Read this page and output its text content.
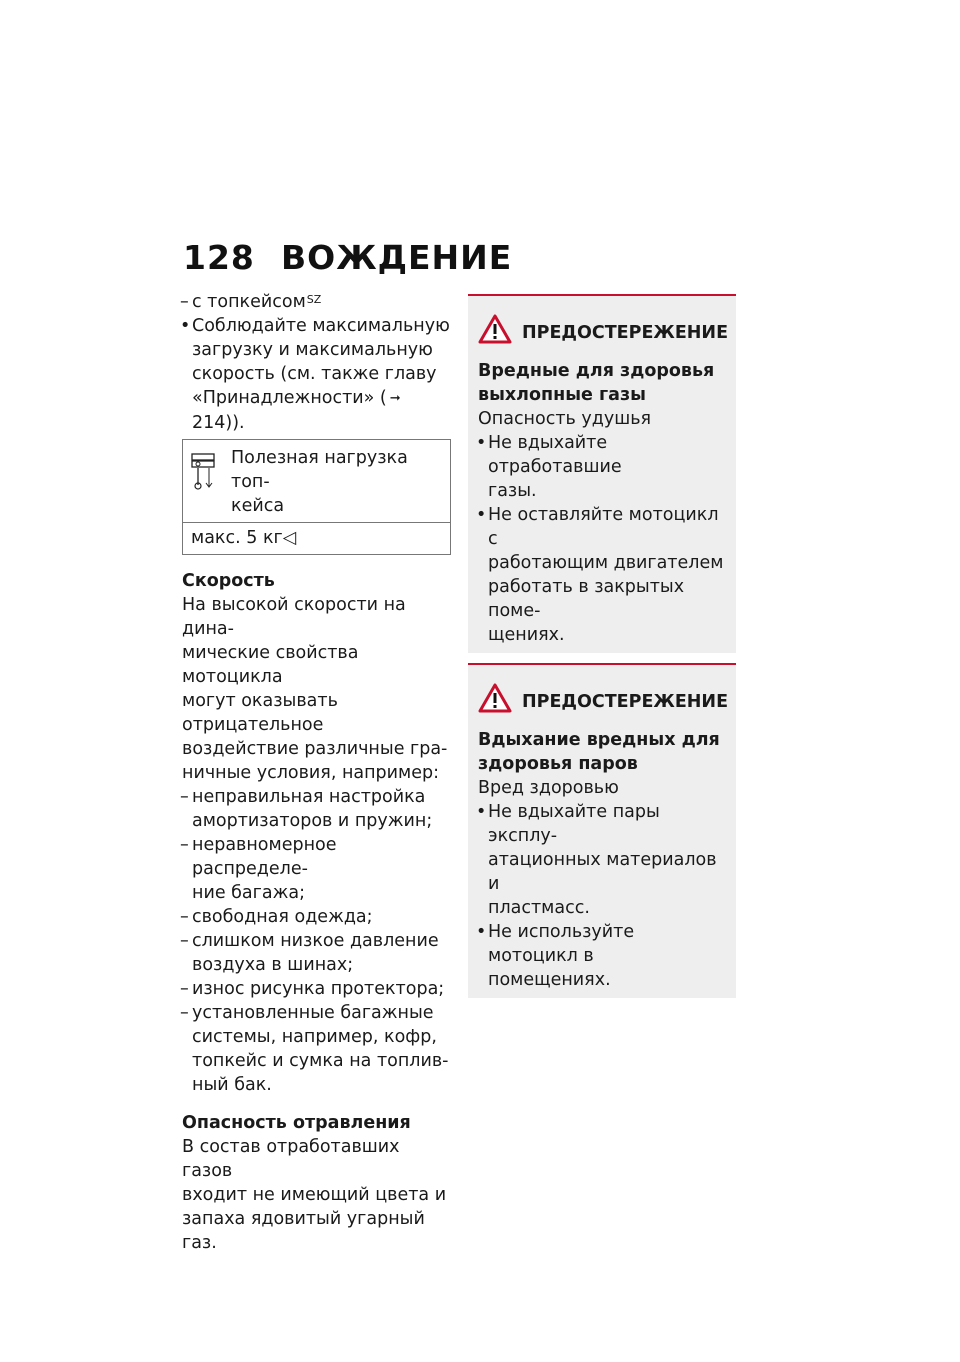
128 ВОЖДЕНИЕ
– с топкейсом$^{SZ}$
• Соблюдайте максимальную
загрузку и максимальную
скорость (см. также главу
«Принадлежности» ( ➞214)).
Полезная нагрузка топ-
кейса
макс. 5 кг◁
Скорость

На высокой скорости на дина-
мические свойства мотоцикла
могут оказывать отрицательное
воздействие различные гра-
ничные условия, например:

– неправильная настройка
амортизаторов и пружин;
– неравномерное распределе-
ние багажа;
– свободная одежда;
– слишком низкое давление
воздуха в шинах;
– износ рисунка протектора;
– установленные багажные
системы, например, кофр,
топкейс и сумка на топлив-
ный бак.
Опасность отравления

В состав отработавших газов
входит не имеющий цвета и
запаха ядовитый угарный газ.

ПРЕДОСТЕРЕЖЕНИЕ
Вредные для здоровья
выхлопные газы
Опасность удушья
• Не вдыхайте отработавшие
газы.
• Не оставляйте мотоцикл с
работающим двигателем
работать в закрытых поме-
щениях.
ПРЕДОСТЕРЕЖЕНИЕ
Вдыхание вредных для
здоровья паров
Вред здоровью
• Не вдыхайте пары эксплу-
атационных материалов и
пластмасс.
• Не используйте мотоцикл в
помещениях.
